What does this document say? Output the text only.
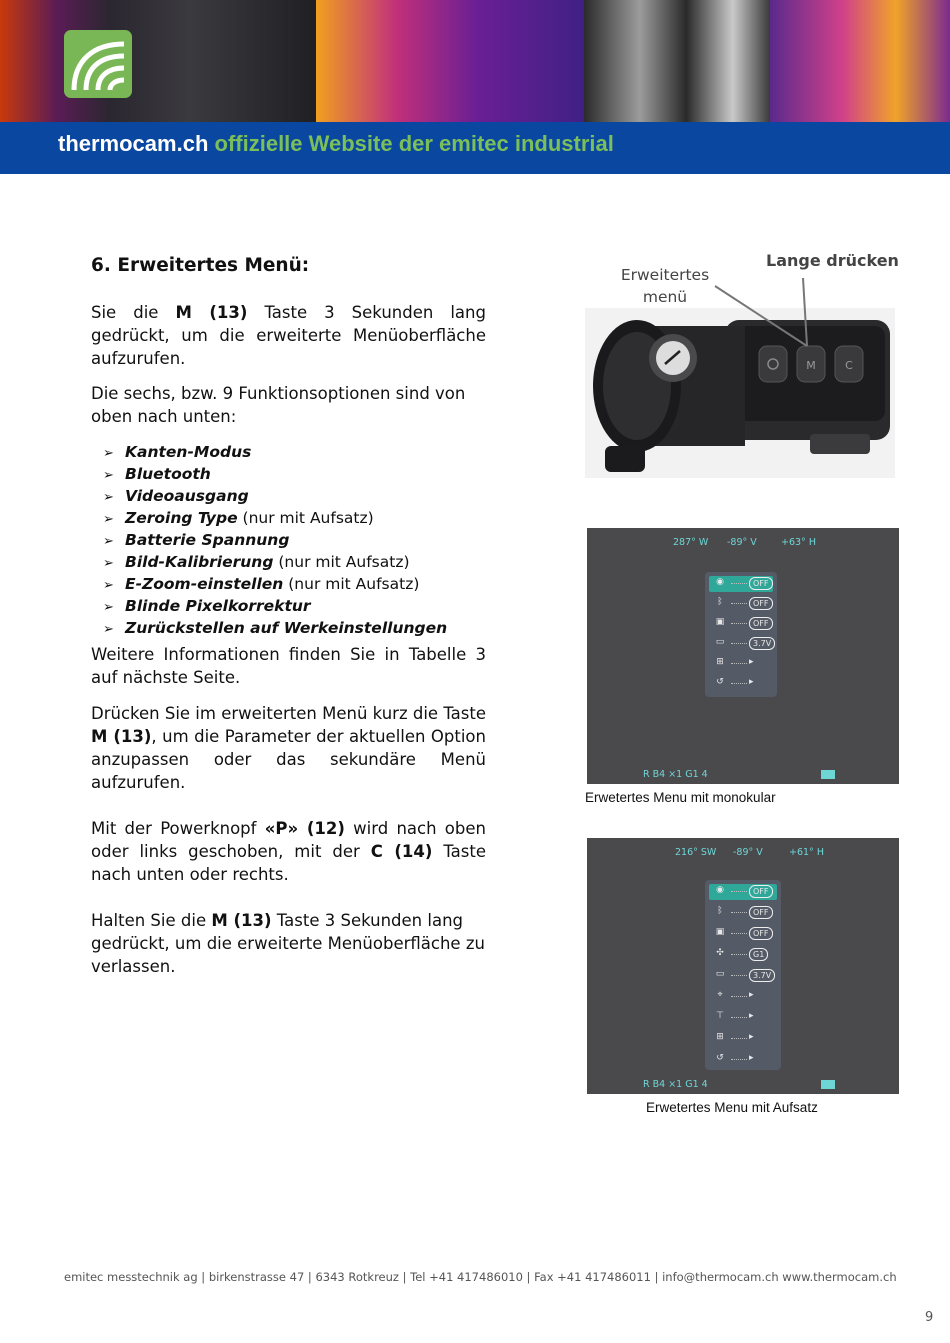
thermocam.ch offizielle Website der emitec industrial
6. Erweitertes Menü:
Sie die M (13) Taste 3 Sekunden lang gedrückt, um die erweiterte Menüoberfläche aufzurufen.
Die sechs, bzw. 9 Funktionsoptionen sind von oben nach unten:
➢ Kanten-Modus
➢ Bluetooth
➢ Videoausgang
➢ Zeroing Type (nur mit Aufsatz)
➢ Batterie Spannung
➢ Bild-Kalibrierung (nur mit Aufsatz)
➢ E-Zoom-einstellen (nur mit Aufsatz)
➢ Blinde Pixelkorrektur
➢ Zurückstellen auf Werkeinstellungen
Weitere Informationen finden Sie in Tabelle 3 auf nächste Seite.
Drücken Sie im erweiterten Menü kurz die Taste M (13), um die Parameter der aktuellen Option anzupassen oder das sekundäre Menü aufzurufen.
Mit der Powerknopf «P» (12) wird nach oben oder links geschoben, mit der C (14) Taste nach unten oder rechts.
Halten Sie die M (13) Taste 3 Sekunden lang gedrückt, um die erweiterte Menüoberfläche zu verlassen.
M	C
Erweitertes
menü
Lange drücken
287° W -89° V	+63° H
◉	OFF
ᛒ	OFF
▣	OFF
▭	3.7V
⊞	▸
↺	▸
R B4 ×1 G1 4
Erwetertes Menu mit monokular
216° SW -89° V	+61° H
◉	OFF
ᛒ	OFF
▣	OFF
✣	G1
▭	3.7V
⌖	▸
⊤	▸
⊞	▸
↺	▸
R B4 ×1 G1 4
Erwetertes Menu mit Aufsatz
emitec messtechnik ag | birkenstrasse 47 | 6343 Rotkreuz | Tel +41 417486010 | Fax +41 417486011 | info@thermocam.ch www.thermocam.ch
9
